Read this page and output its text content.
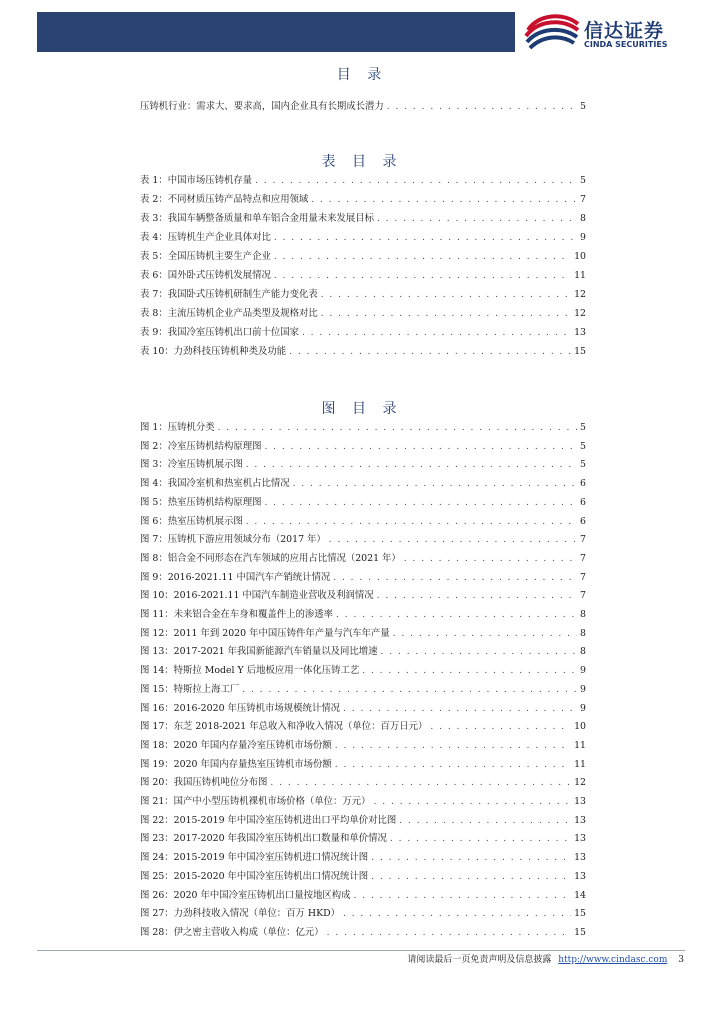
信达证券
CINDA SECURITIES
目 录
压铸机行业：需求大、要求高，国内企业具有长期成长潜力 . . .	5
表 目 录
表 1：中国市场压铸机存量 . . .	5
表 2：不同材质压铸产品特点和应用领域 . . .	7
表 3：我国车辆整备质量和单车铝合金用量未来发展目标 . . .	8
表 4：压铸机生产企业具体对比 . . .	9
表 5：全国压铸机主要生产企业 . . .	10
表 6：国外卧式压铸机发展情况 . . .	11
表 7：我国卧式压铸机研制生产能力变化表 . . .	12
表 8：主流压铸机企业产品类型及规格对比 . . .	12
表 9：我国冷室压铸机出口前十位国家 . . .	13
表 10：力劲科技压铸机种类及功能 . . .	15
图 目 录
图 1：压铸机分类 . . .	5
图 2：冷室压铸机结构原理图 . . .	5
图 3：冷室压铸机展示图 . . .	5
图 4：我国冷室机和热室机占比情况 . . .	6
图 5：热室压铸机结构原理图 . . .	6
图 6：热室压铸机展示图 . . .	6
图 7：压铸机下游应用领域分布（2017 年） . . .	7
图 8：铝合金不同形态在汽车领域的应用占比情况（2021 年） . . .	7
图 9：2016-2021.11 中国汽车产销统计情况 . . .	7
图 10：2016-2021.11 中国汽车制造业营收及利润情况 . . .	7
图 11：未来铝合金在车身和覆盖件上的渗透率 . . .	8
图 12：2011 年到 2020 年中国压铸件年产量与汽车年产量 . . .	8
图 13：2017-2021 年我国新能源汽车销量以及同比增速 . . .	8
图 14：特斯拉 Model Y 后地板应用一体化压铸工艺 . . .	9
图 15：特斯拉上海工厂 . . .	9
图 16：2016-2020 年压铸机市场规模统计情况 . . .	9
图 17：东芝 2018-2021 年总收入和净收入情况（单位：百万日元） . . .	10
图 18：2020 年国内存量冷室压铸机市场份额 . . .	11
图 19：2020 年国内存量热室压铸机市场份额 . . .	11
图 20：我国压铸机吨位分布图 . . .	12
图 21：国产中小型压铸机裸机市场价格（单位：万元） . . .	13
图 22：2015-2019 年中国冷室压铸机进出口平均单价对比图 . . .	13
图 23：2017-2020 年我国冷室压铸机出口数量和单价情况 . . .	13
图 24：2015-2019 年中国冷室压铸机进口情况统计图 . . .	13
图 25：2015-2020 年中国冷室压铸机出口情况统计图 . . .	13
图 26：2020 年中国冷室压铸机出口量按地区构成 . . .	14
图 27：力劲科技收入情况（单位：百万 HKD） . . .	15
图 28：伊之密主营收入构成（单位：亿元） . . .	15
请阅读最后一页免责声明及信息披露 http://www.cindasc.com 3
